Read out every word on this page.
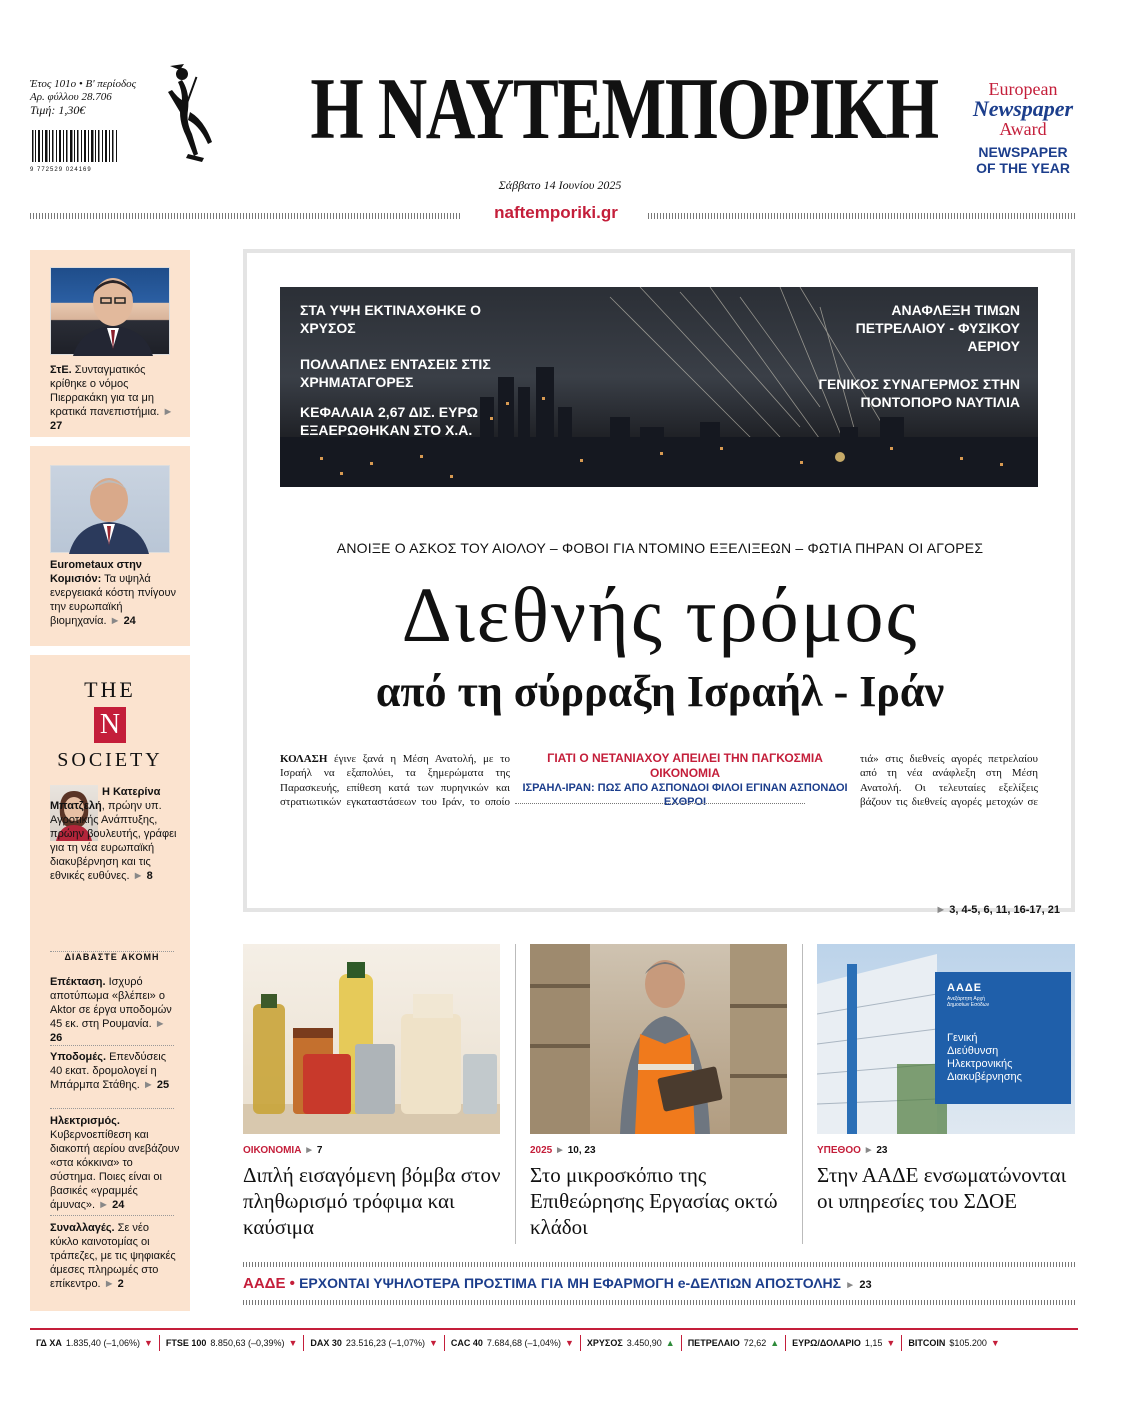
Έτος 101ο • Β' περίοδος
Αρ. φύλλου 28.706
Τιμή: 1,30€
9 772529 024169
Η ΝΑΥΤΕΜΠΟΡΙΚΗ	European
Newspaper
Award
NEWSPAPER
OF THE YEAR
Σάββατο 14 Ιουνίου 2025
naftemporiki.gr
ΣτΕ. Συνταγματικός κρίθηκε ο νόμος Πιερρακάκη για τα μη κρατικά πανεπιστήμια. ► 27
Eurometaux στην Κομισιόν: Τα υψηλά ενεργειακά κόστη πνίγουν την ευρωπαϊκή βιομηχανία. ► 24
THE
N
SOCIETY
Η Κατερίνα Μπατζελή, πρώην υπ. Αγροτικής Ανάπτυξης, πρώην βουλευτής, γράφει για τη νέα ευρωπαϊκή διακυβέρνηση και τις εθνικές ευθύνες. ► 8
ΔΙΑΒΑΣΤΕ ΑΚΟΜΗ
Επέκταση. Ισχυρό αποτύπωμα «βλέπει» ο Aktor σε έργα υποδομών 45 εκ. στη Ρουμανία. ► 26
Υποδομές. Επενδύσεις 40 εκατ. δρομολογεί η Μπάρμπα Στάθης. ► 25
Ηλεκτρισμός. Κυβερνοεπίθεση και διακοπή αερίου ανεβάζουν «στα κόκκινα» το σύστημα. Ποιες είναι οι βασικές «γραμμές άμυνας». ► 24
Συναλλαγές. Σε νέο κύκλο καινοτομίας οι τράπεζες, με τις ψηφιακές άμεσες πληρωμές στο επίκεντρο. ► 2
ΣΤΑ ΥΨΗ ΕΚΤΙΝΑΧΘΗΚΕ Ο ΧΡΥΣΟΣ
ΠΟΛΛΑΠΛΕΣ ΕΝΤΑΣΕΙΣ ΣΤΙΣ ΧΡΗΜΑΤΑΓΟΡΕΣ
ΚΕΦΑΛΑΙΑ 2,67 ΔΙΣ. ΕΥΡΩ ΕΞΑΕΡΩΘΗΚΑΝ ΣΤΟ Χ.Α.
ΑΝΑΦΛΕΞΗ ΤΙΜΩΝ ΠΕΤΡΕΛΑΙΟΥ - ΦΥΣΙΚΟΥ ΑΕΡΙΟΥ
ΓΕΝΙΚΟΣ ΣΥΝΑΓΕΡΜΟΣ ΣΤΗΝ ΠΟΝΤΟΠΟΡΟ ΝΑΥΤΙΛΙΑ
ΑΝΟΙΞΕ Ο ΑΣΚΟΣ ΤΟΥ ΑΙΟΛΟΥ – ΦΟΒΟΙ ΓΙΑ ΝΤΟΜΙΝΟ ΕΞΕΛΙΞΕΩΝ – ΦΩΤΙΑ ΠΗΡΑΝ ΟΙ ΑΓΟΡΕΣ
Διεθνής τρόμος
από τη σύρραξη Ισραήλ - Ιράν
ΚΟΛΑΣΗ έγινε ξανά η Μέση Ανατολή, με το Ισραήλ να εξαπολύει, τα ξημερώματα της Παρασκευής, επίθεση κατά των πυρηνικών και στρατιωτικών εγκαταστάσεων του Ιράν, το οποίο
ΓΙΑΤΙ Ο ΝΕΤΑΝΙΑΧΟΥ ΑΠΕΙΛΕΙ ΤΗΝ ΠΑΓΚΟΣΜΙΑ ΟΙΚΟΝΟΜΙΑ
ΙΣΡΑΗΛ-ΙΡΑΝ: ΠΩΣ ΑΠΟ ΑΣΠΟΝΔΟΙ ΦΙΛΟΙ ΕΓΙΝΑΝ ΑΣΠΟΝΔΟΙ ΕΧΘΡΟΙ
τιά» στις διεθνείς αγορές πετρελαίου από τη νέα ανάφλεξη στη Μέση Ανατολή. Οι τελευταίες εξελίξεις βάζουν τις διεθνείς αγορές μετοχών σε
► 3, 4-5, 6, 11, 16-17, 21
ΟΙΚΟΝΟΜΙΑ ► 7
Διπλή εισαγόμενη βόμβα στον πληθωρισμό τρόφιμα και καύσιμα
2025 ► 10, 23
Στο μικροσκόπιο της Επιθεώρησης Εργασίας οκτώ κλάδοι
ΑΑΔΕ
Ανεξάρτητη Αρχή Δημοσίων Εσόδων
Γενική
Διεύθυνση
Ηλεκτρονικής
Διακυβέρνησης
ΥΠΕΘΟΟ ► 23
Στην ΑΑΔΕ ενσωματώνονται οι υπηρεσίες του ΣΔΟΕ
ΑΑΔΕ • ΕΡΧΟΝΤΑΙ ΥΨΗΛΟΤΕΡΑ ΠΡΟΣΤΙΜΑ ΓΙΑ ΜΗ ΕΦΑΡΜΟΓΗ e-ΔΕΛΤΙΩΝ ΑΠΟΣΤΟΛΗΣ ► 23
ΓΔ ΧΑ 1.835,40 (–1,06%) ▼ FTSE 100 8.850,63 (–0,39%) ▼ DAX 30 23.516,23 (–1,07%) ▼ CAC 40 7.684,68 (–1,04%) ▼ ΧΡΥΣΟΣ 3.450,90 ▲ ΠΕΤΡΕΛΑΙΟ 72,62 ▲ ΕΥΡΩ/ΔΟΛΑΡΙΟ 1,15 ▼ BITCOIN $105.200 ▼
